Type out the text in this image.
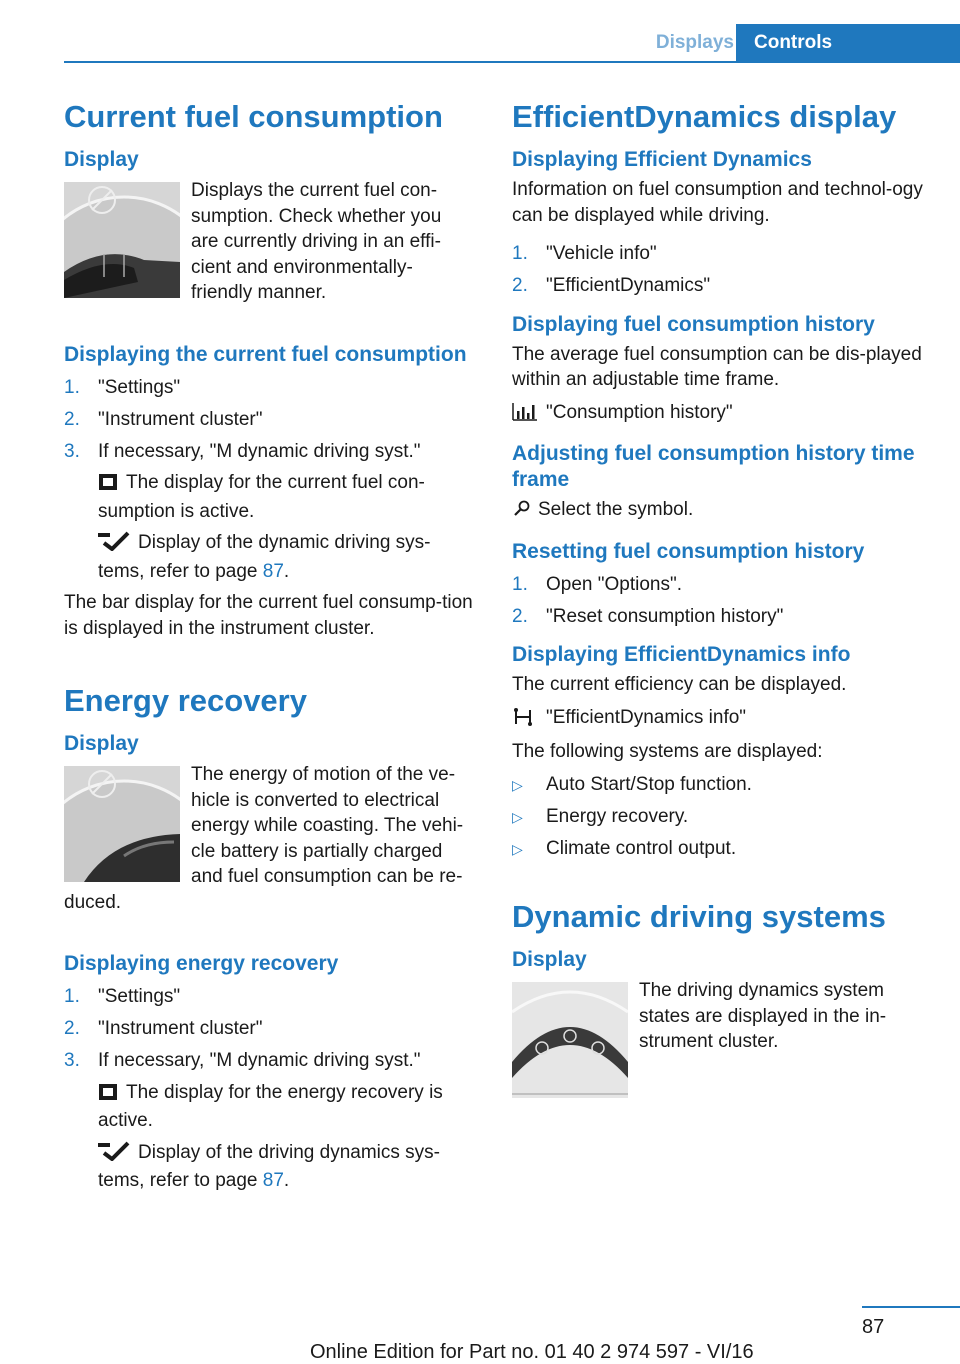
Displays	Controls
Current fuel consumption
Display

Displays the current fuel con-sumption. Check whether you are currently driving in an effi-cient and environmentally-friendly manner.

Displaying the current fuel consumption
1. "Settings"
2. "Instrument cluster"
3. If necessary, "M dynamic driving syst."
The display for the current fuel con-sumption is active.
Display of the dynamic driving sys-tems, refer to page 87.

The bar display for the current fuel consump-tion is displayed in the instrument cluster.

Energy recovery
Display

The energy of motion of the ve-hicle is converted to electrical energy while coasting. The vehi-cle battery is partially charged and fuel consumption can be re-duced.

Displaying energy recovery
1. "Settings"
2. "Instrument cluster"
3. If necessary, "M dynamic driving syst."
The display for the energy recovery is active.
Display of the driving dynamics sys-tems, refer to page 87.
EfficientDynamics display
Displaying Efficient Dynamics

Information on fuel consumption and technol-ogy can be displayed while driving.

1. "Vehicle info"
2. "EfficientDynamics"
Displaying fuel consumption history

The average fuel consumption can be dis-played within an adjustable time frame.

"Consumption history"

Adjusting fuel consumption history time frame

Select the symbol.

Resetting fuel consumption history
1. Open "Options".
2. "Reset consumption history"
Displaying EfficientDynamics info

The current efficiency can be displayed.

"EfficientDynamics info"

The following systems are displayed:

▷ Auto Start/Stop function.
▷ Energy recovery.
▷ Climate control output.
Dynamic driving systems
Display

The driving dynamics system states are displayed in the in-strument cluster.

87
Online Edition for Part no. 01 40 2 974 597 - VI/16
